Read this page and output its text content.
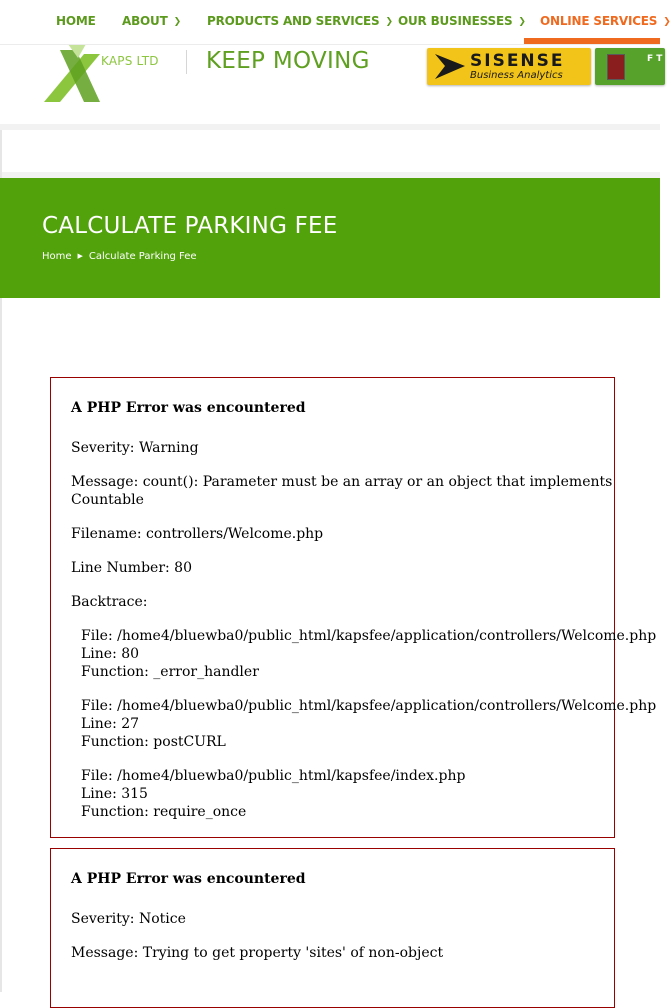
HOME ABOUT ❯ PRODUCTS AND SERVICES ❯ OUR BUSINESSES ❯ ONLINE SERVICES ❯
KAPS LTD KEEP MOVING	SISENSE
Business Analytics
F T
CALCULATE PARKING FEE
Home ▶ Calculate Parking Fee
A PHP Error was encountered

Severity: Warning

Message: count(): Parameter must be an array or an object that implements

Countable

Filename: controllers/Welcome.php

Line Number: 80

Backtrace:

File: /home4/bluewba0/public_html/kapsfee/application/controllers/Welcome.php

Line: 80

Function: _error_handler

File: /home4/bluewba0/public_html/kapsfee/application/controllers/Welcome.php

Line: 27

Function: postCURL

File: /home4/bluewba0/public_html/kapsfee/index.php

Line: 315

Function: require_once

A PHP Error was encountered

Severity: Notice

Message: Trying to get property 'sites' of non-object
